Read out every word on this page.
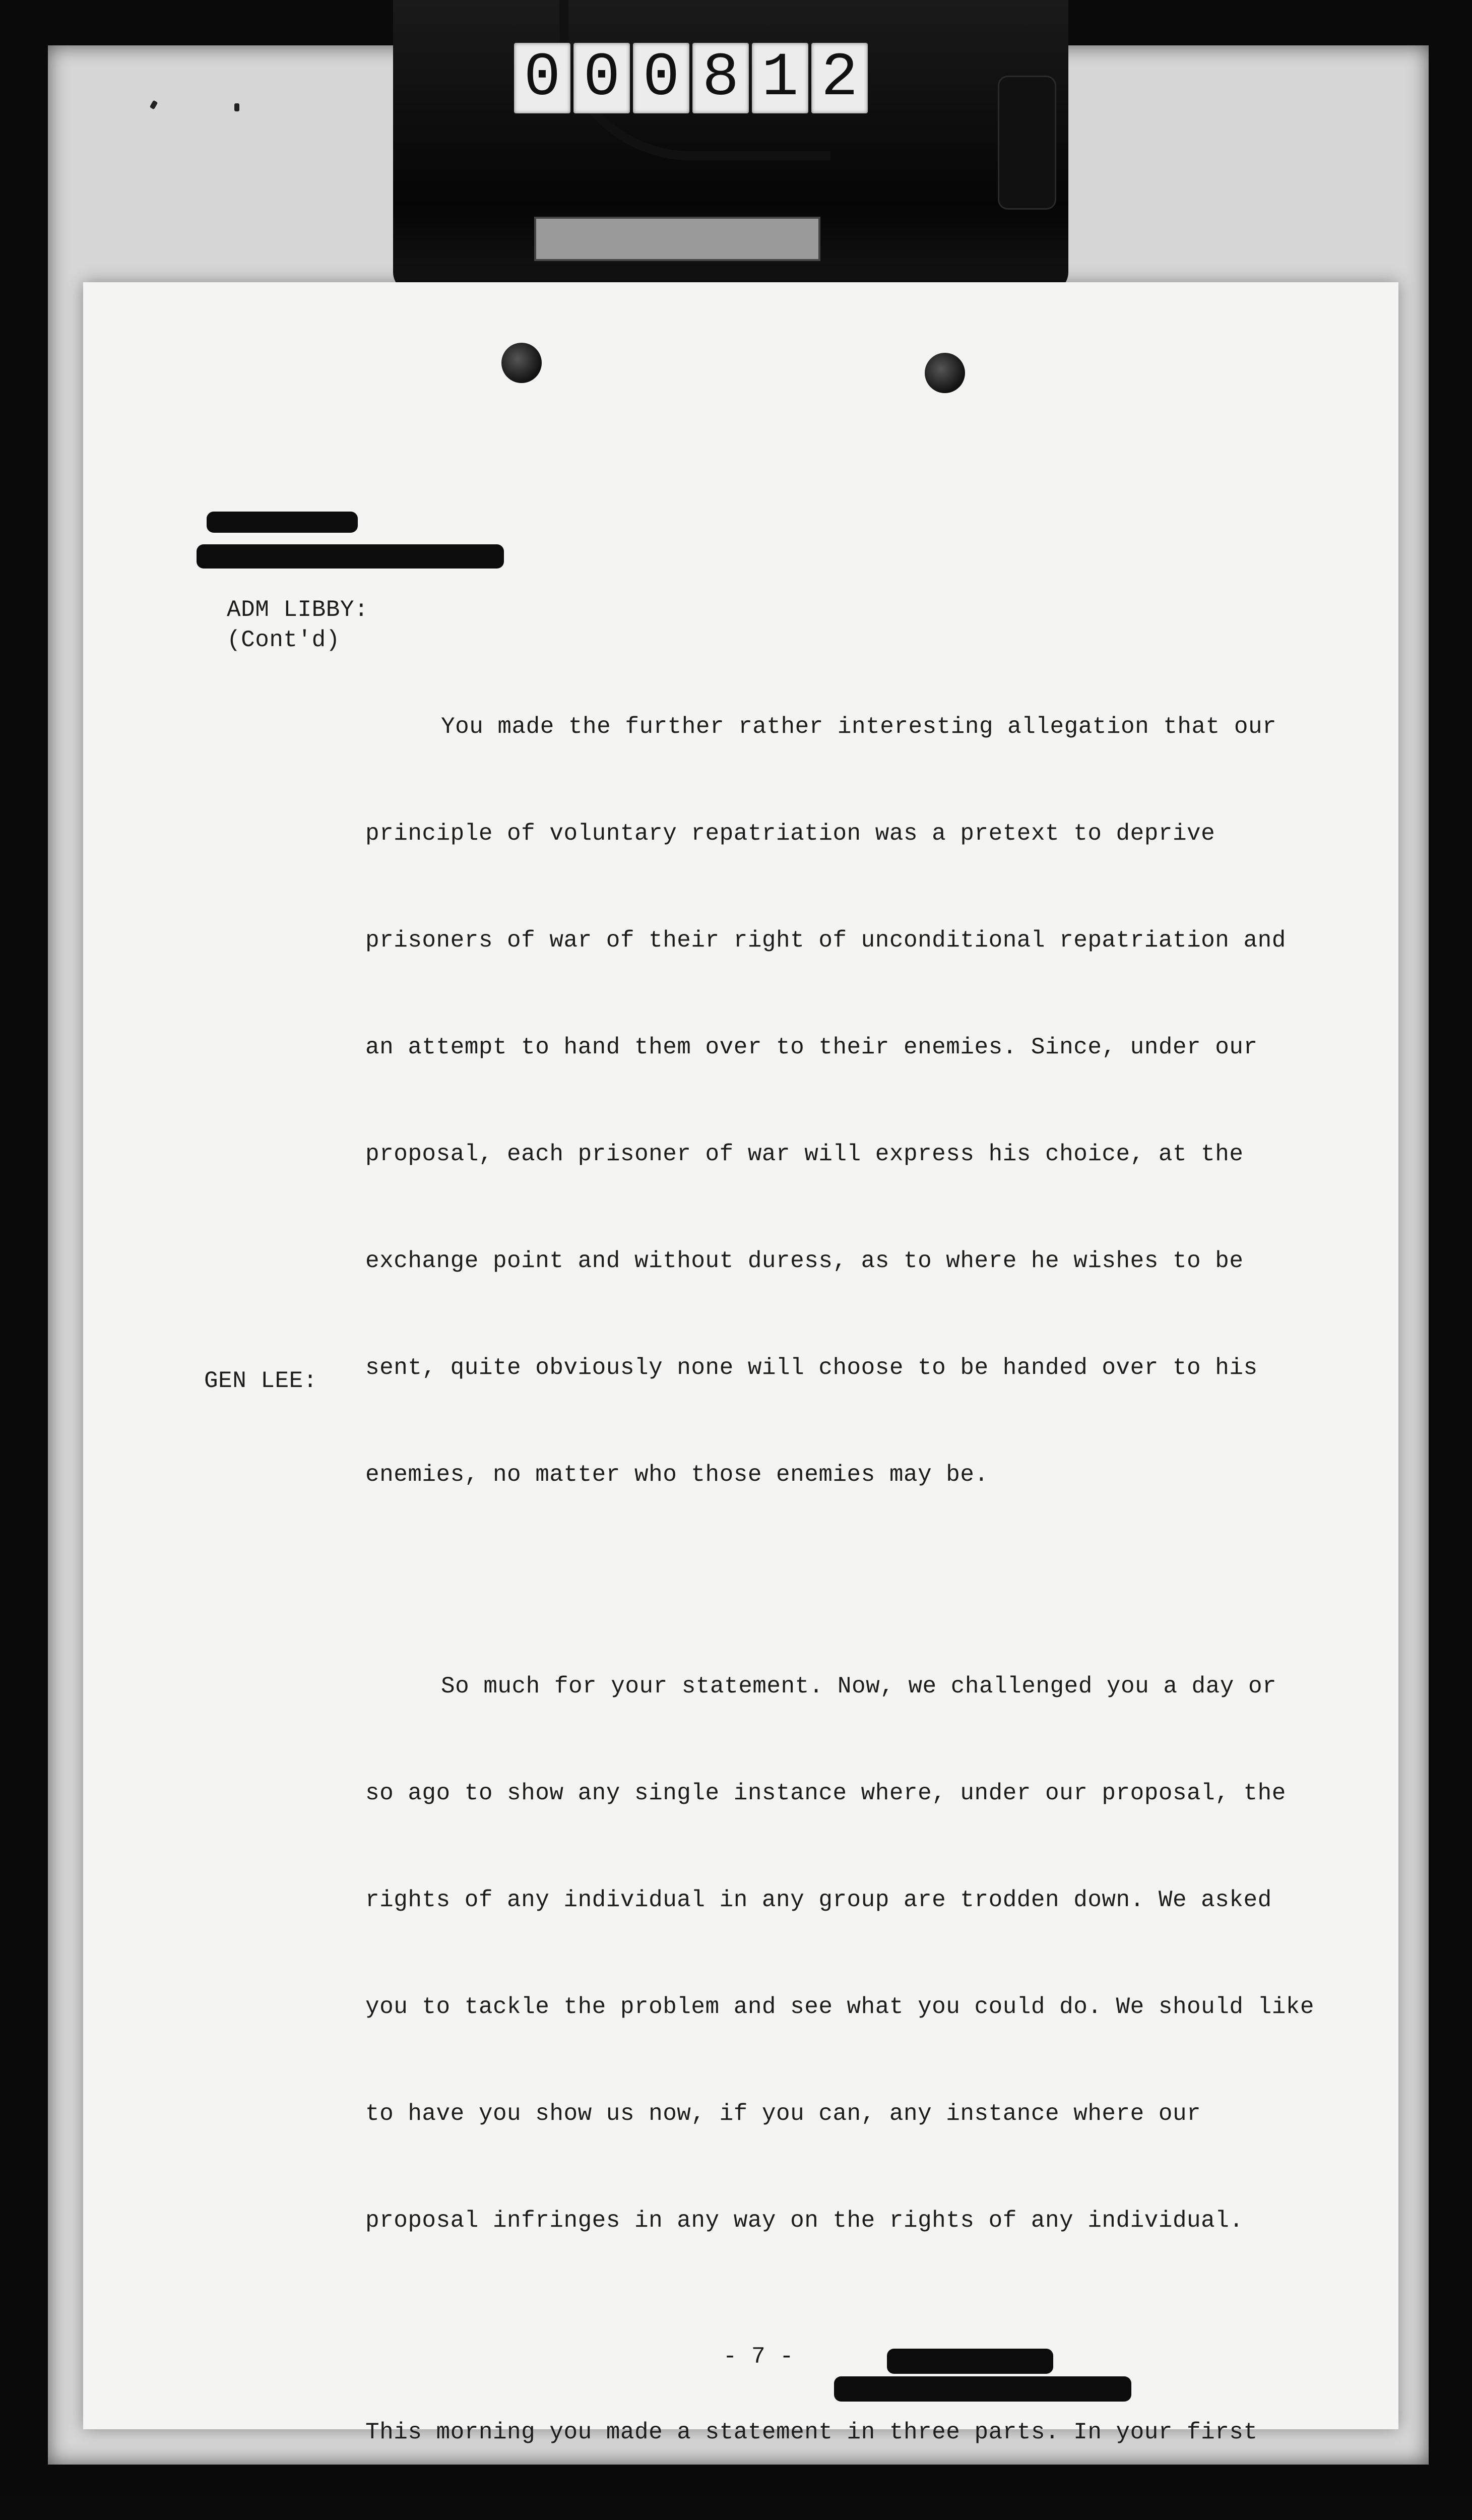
0 0 0 8 1 2
ADM LIBBY:
(Cont'd)
GEN LEE:

You made the further rather interesting allegation that our

principle of voluntary repatriation was a pretext to deprive

prisoners of war of their right of unconditional repatriation and

an attempt to hand them over to their enemies. Since, under our

proposal, each prisoner of war will express his choice, at the

exchange point and without duress, as to where he wishes to be

sent, quite obviously none will choose to be handed over to his

enemies, no matter who those enemies may be.

So much for your statement. Now, we challenged you a day or

so ago to show any single instance where, under our proposal, the

rights of any individual in any group are trodden down. We asked

you to tackle the problem and see what you could do. We should like

to have you show us now, if you can, any instance where our

proposal infringes in any way on the rights of any individual.

This morning you made a statement in three parts. In your first

- 7 -
